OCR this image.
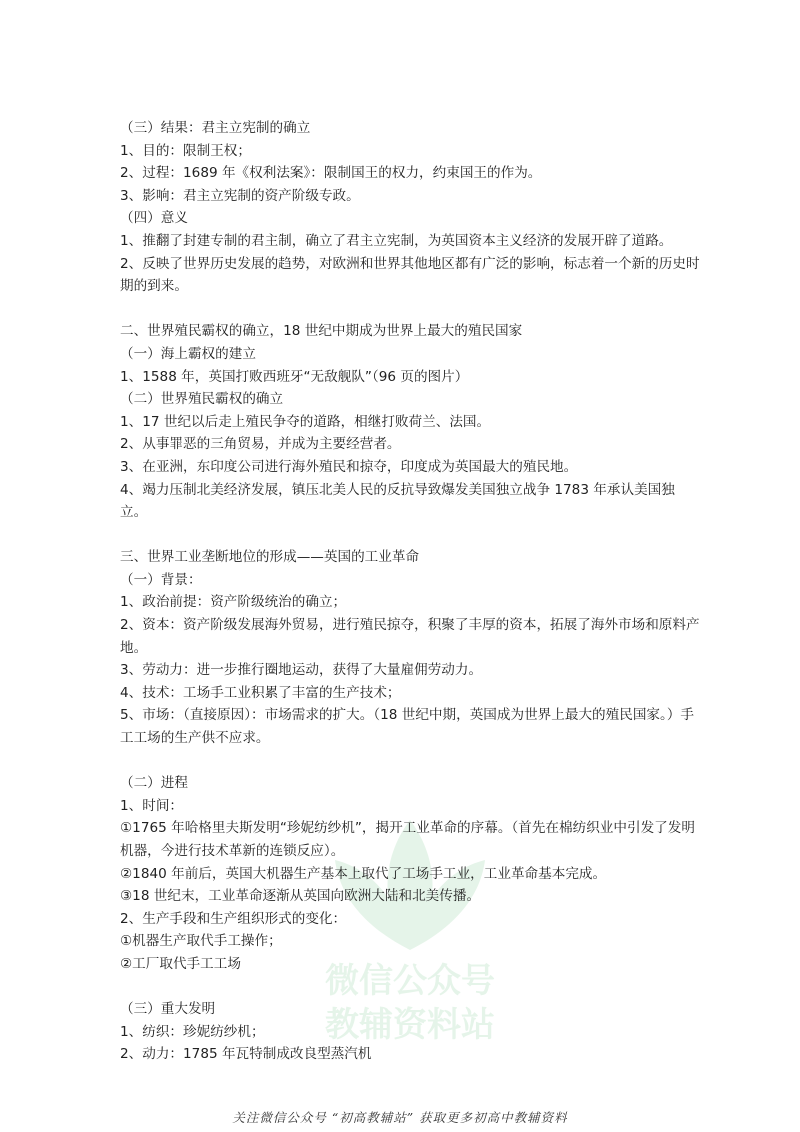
微信公众号
教辅资料站

（三）结果：君主立宪制的确立

1、目的：限制王权；

2、过程：1689 年《权利法案》：限制国王的权力，约束国王的作为。

3、影响：君主立宪制的资产阶级专政。

（四）意义

1、推翻了封建专制的君主制，确立了君主立宪制，为英国资本主义经济的发展开辟了道路。

2、反映了世界历史发展的趋势，对欧洲和世界其他地区都有广泛的影响，标志着一个新的历史时期的到来。

二、世界殖民霸权的确立，18 世纪中期成为世界上最大的殖民国家

（一）海上霸权的建立

1、1588 年，英国打败西班牙“无敌舰队”（96 页的图片）

（二）世界殖民霸权的确立

1、17 世纪以后走上殖民争夺的道路，相继打败荷兰、法国。

2、从事罪恶的三角贸易，并成为主要经营者。

3、在亚洲，东印度公司进行海外殖民和掠夺，印度成为英国最大的殖民地。

4、竭力压制北美经济发展，镇压北美人民的反抗导致爆发美国独立战争 1783 年承认美国独立。

三、世界工业垄断地位的形成——英国的工业革命

（一）背景：

1、政治前提：资产阶级统治的确立；

2、资本：资产阶级发展海外贸易，进行殖民掠夺，积聚了丰厚的资本，拓展了海外市场和原料产地。

3、劳动力：进一步推行圈地运动，获得了大量雇佣劳动力。

4、技术：工场手工业积累了丰富的生产技术；

5、市场：（直接原因）：市场需求的扩大。（18 世纪中期，英国成为世界上最大的殖民国家。）手工工场的生产供不应求。

（二）进程

1、时间：

①1765 年哈格里夫斯发明“珍妮纺纱机”，揭开工业革命的序幕。（首先在棉纺织业中引发了发明机器，今进行技术革新的连锁反应）。

②1840 年前后，英国大机器生产基本上取代了工场手工业，工业革命基本完成。

③18 世纪末，工业革命逐渐从英国向欧洲大陆和北美传播。

2、生产手段和生产组织形式的变化：

①机器生产取代手工操作；

②工厂取代手工工场

（三）重大发明

1、纺织：珍妮纺纱机；

2、动力：1785 年瓦特制成改良型蒸汽机

关注微信公众号 “初高教辅站” 获取更多初高中教辅资料
